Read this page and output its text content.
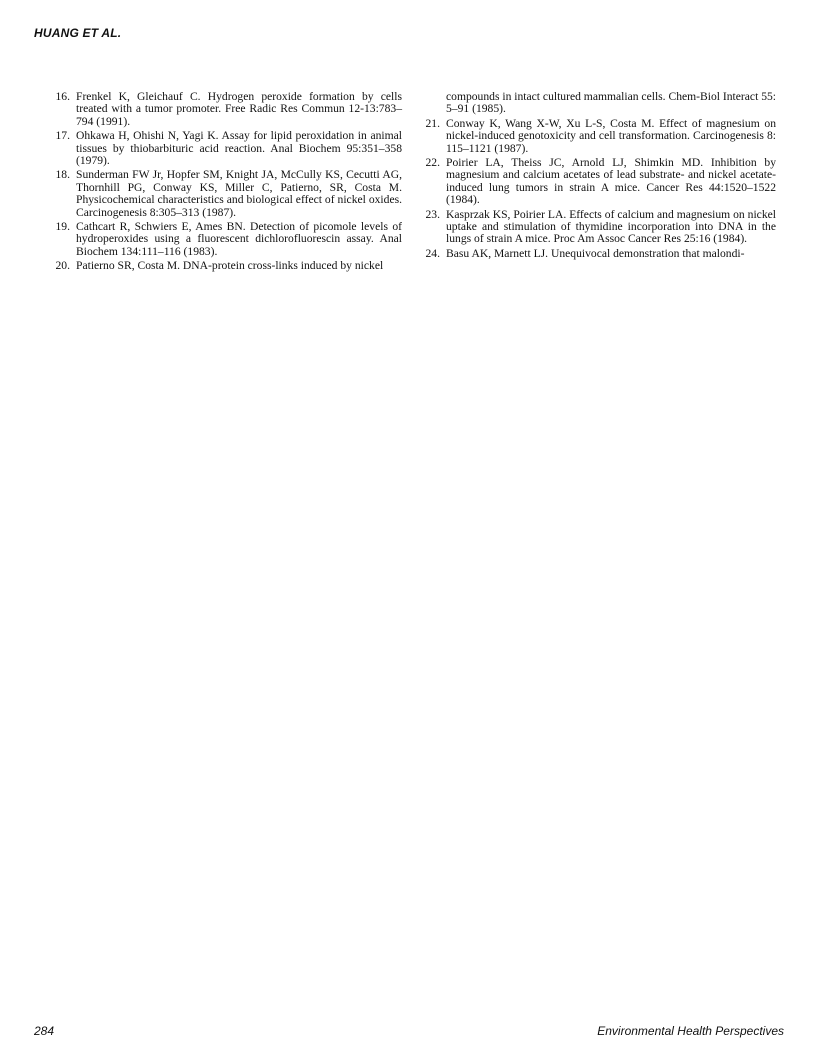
HUANG ET AL.
16. Frenkel K, Gleichauf C. Hydrogen peroxide formation by cells treated with a tumor promoter. Free Radic Res Commun 12-13:783–794 (1991).
17. Ohkawa H, Ohishi N, Yagi K. Assay for lipid peroxidation in animal tissues by thiobarbituric acid reaction. Anal Biochem 95:351–358 (1979).
18. Sunderman FW Jr, Hopfer SM, Knight JA, McCully KS, Cecutti AG, Thornhill PG, Conway KS, Miller C, Patierno, SR, Costa M. Physicochemical characteristics and biological effect of nickel oxides. Carcinogenesis 8:305–313 (1987).
19. Cathcart R, Schwiers E, Ames BN. Detection of picomole levels of hydroperoxides using a fluorescent dichlorofluorescin assay. Anal Biochem 134:111–116 (1983).
20. Patierno SR, Costa M. DNA-protein cross-links induced by nickel
compounds in intact cultured mammalian cells. Chem-Biol Interact 55: 5–91 (1985).
21. Conway K, Wang X-W, Xu L-S, Costa M. Effect of magnesium on nickel-induced genotoxicity and cell transformation. Carcinogenesis 8: 115–1121 (1987).
22. Poirier LA, Theiss JC, Arnold LJ, Shimkin MD. Inhibition by magnesium and calcium acetates of lead substrate- and nickel acetate-induced lung tumors in strain A mice. Cancer Res 44:1520–1522 (1984).
23. Kasprzak KS, Poirier LA. Effects of calcium and magnesium on nickel uptake and stimulation of thymidine incorporation into DNA in the lungs of strain A mice. Proc Am Assoc Cancer Res 25:16 (1984).
24. Basu AK, Marnett LJ. Unequivocal demonstration that malondi-
284	Environmental Health Perspectives
